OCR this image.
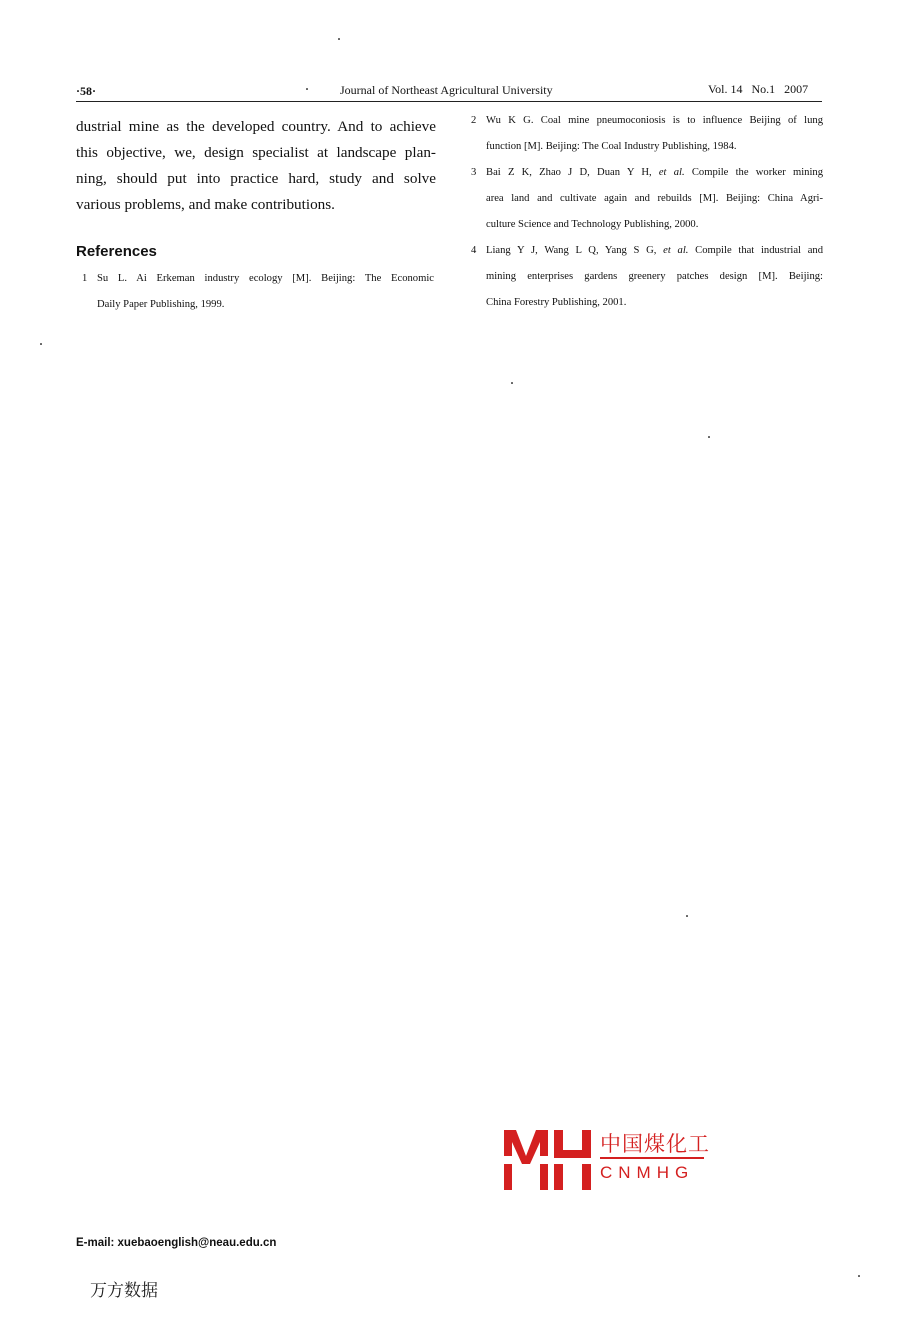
·58·	Journal of Northeast Agricultural University	Vol. 14   No.1   2007
dustrial mine as the developed country. And to achieve
this objective, we, design specialist at landscape plan-
ning, should put into practice hard, study and solve
various problems, and make contributions.
References
1 Su L. Ai Erkeman industry ecology [M]. Beijing: The Economic
Daily Paper Publishing, 1999.
2 Wu K G. Coal mine pneumoconiosis is to influence Beijing of lung
function [M]. Beijing: The Coal Industry Publishing, 1984.
3 Bai Z K, Zhao J D, Duan Y H, et al. Compile the worker mining
area land and cultivate again and rebuilds [M]. Beijing: China Agri-
culture Science and Technology Publishing, 2000.
4 Liang Y J, Wang L Q, Yang S G, et al. Compile that industrial and
mining enterprises gardens greenery patches design [M]. Beijing:
China Forestry Publishing, 2001.
中国煤化工
CNMHG
E-mail: xuebaoenglish@neau.edu.cn
万方数据
